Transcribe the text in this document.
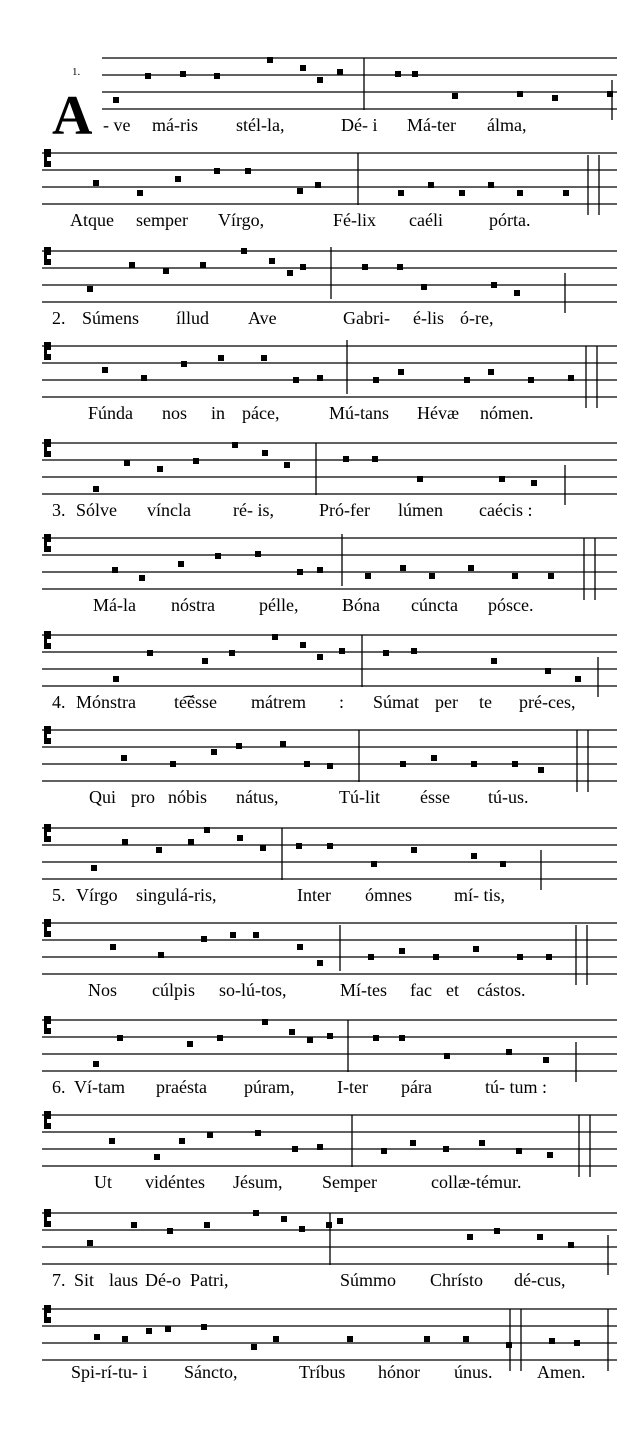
1.
A - ve má-ris stél-la,	Dé- i Má-ter álma,
Atque semper Vírgo,	Fé-lix caéli	pórta.
2. Súmens íllud Ave	Gabri- é-lis ó-re,
Fúnda nos in páce,	Mú-tans Hévæ nómen.
3. Sólve víncla ré- is,	Pró-fer lúmen caécis :
Má-la nóstra pélle, Bóna cúncta pósce.
4. Mónstra te͡ésse mátrem : Súmat per te pré-ces,
Qui pro nóbis nátus,	Tú-lit ésse tú-us.
5. Vírgo singulá-ris,	Inter ómnes mí- tis,
Nos cúlpis so-lú-tos,	Mí-tes fac et cástos.
6. Ví-tam praésta púram, I-ter pára	tú- tum :
Ut vidéntes Jésum, Semper	collæ-témur.
7. Sit laus Dé-o Patri,	Súmmo Chrísto dé-cus,
Spi-rí-tu- i Sáncto,	Tríbus hónor únus. Amen.
